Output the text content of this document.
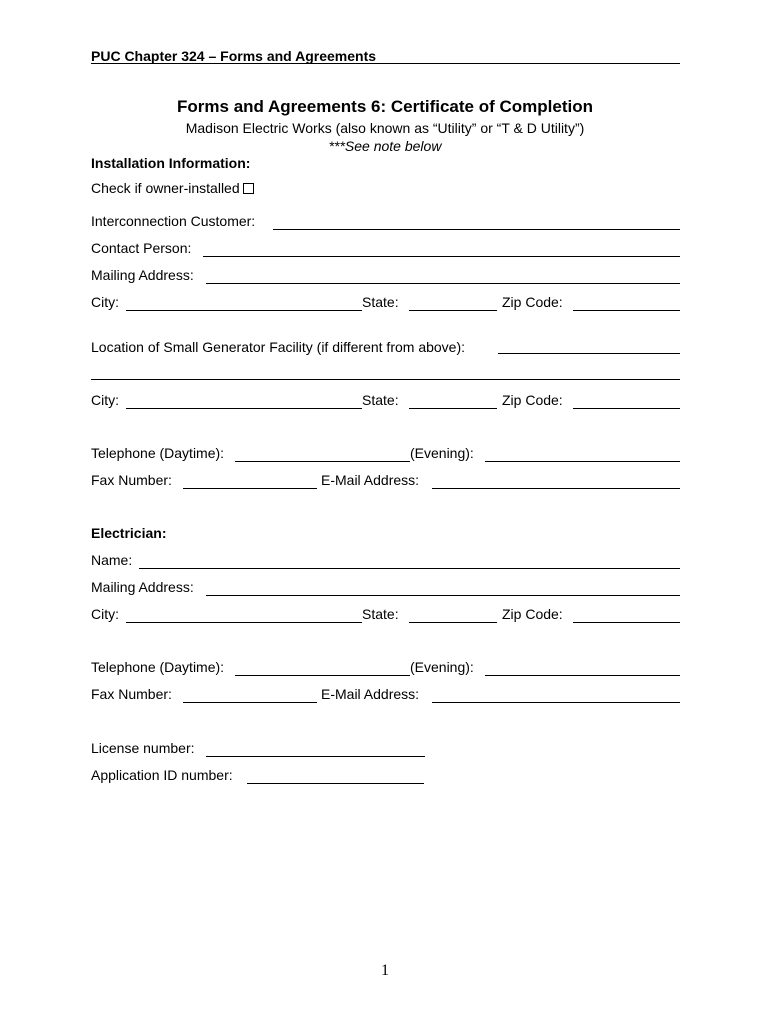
PUC Chapter 324 – Forms and Agreements
Forms and Agreements 6: Certificate of Completion
Madison Electric Works (also known as “Utility” or “T & D Utility”)
***See note below
Installation Information:
Check if owner-installed
Interconnection Customer:
Contact Person:
Mailing Address:
City:	State:	Zip Code:
Location of Small Generator Facility (if different from above):
City:	State:	Zip Code:
Telephone (Daytime):	(Evening):
Fax Number:	E-Mail Address:
Electrician:
Name:
Mailing Address:
City:	State:	Zip Code:
Telephone (Daytime):	(Evening):
Fax Number:	E-Mail Address:
License number:
Application ID number:
1
